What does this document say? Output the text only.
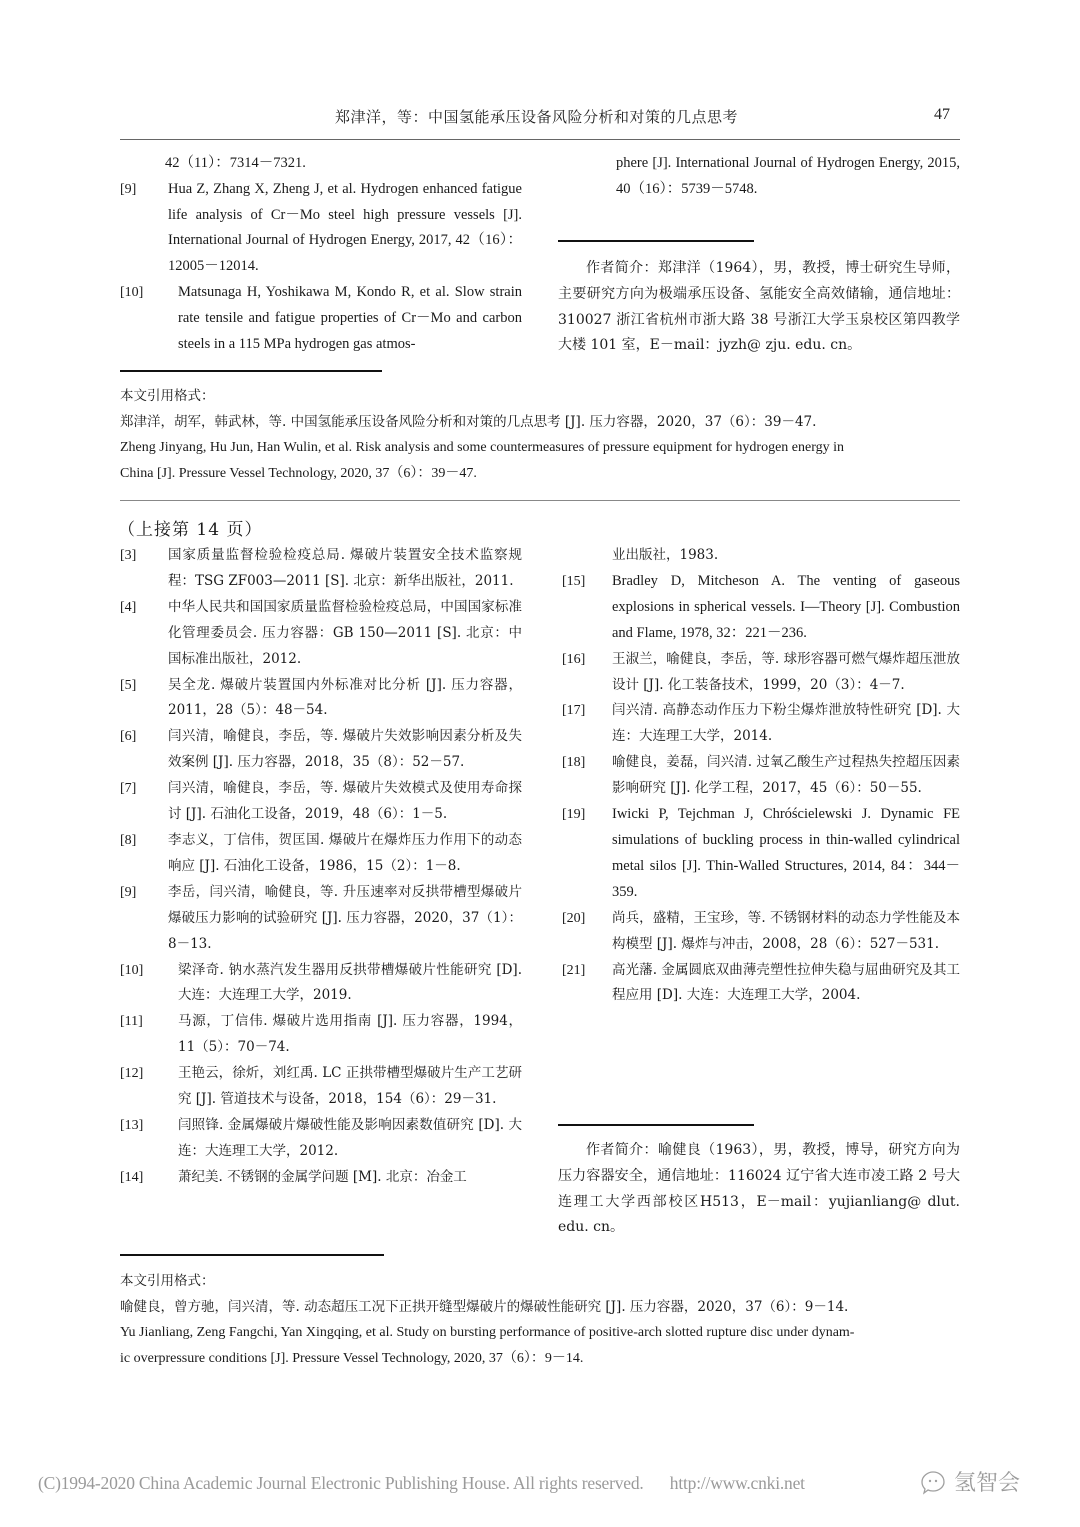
郑津洋，等：中国氢能承压设备风险分析和对策的几点思考	47
42（11）：7314－7321.
[9] Hua Z, Zhang X, Zheng J, et al. Hydrogen enhanced fatigue life analysis of Cr－Mo steel high pressure vessels [J]. International Journal of Hydrogen Energy, 2017, 42（16）：12005－12014.
[10] Matsunaga H, Yoshikawa M, Kondo R, et al. Slow strain rate tensile and fatigue properties of Cr－Mo and carbon steels in a 115 MPa hydrogen gas atmos-
phere [J]. International Journal of Hydrogen Energy, 2015, 40（16）：5739－5748.
作者简介：郑津洋（1964），男，教授，博士研究生导师，主要研究方向为极端承压设备、氢能安全高效储输，通信地址：310027 浙江省杭州市浙大路 38 号浙江大学玉泉校区第四教学大楼 101 室，E－mail：jyzh@ zju. edu. cn。
本文引用格式：
郑津洋，胡军，韩武林，等. 中国氢能承压设备风险分析和对策的几点思考 [J]. 压力容器，2020，37（6）：39－47.
Zheng Jinyang, Hu Jun, Han Wulin, et al. Risk analysis and some countermeasures of pressure equipment for hydrogen energy in
China [J]. Pressure Vessel Technology, 2020, 37（6）：39－47.
（上接第 14 页）
[3] 国家质量监督检验检疫总局. 爆破片装置安全技术监察规程：TSG ZF003—2011 [S]. 北京：新华出版社，2011.
[4] 中华人民共和国国家质量监督检验检疫总局，中国国家标准化管理委员会. 压力容器：GB 150—2011 [S]. 北京：中国标准出版社，2012.
[5] 吴全龙. 爆破片装置国内外标准对比分析 [J]. 压力容器，2011，28（5）：48－54.
[6] 闫兴清，喻健良，李岳，等. 爆破片失效影响因素分析及失效案例 [J]. 压力容器，2018，35（8）：52－57.
[7] 闫兴清，喻健良，李岳，等. 爆破片失效模式及使用寿命探讨 [J]. 石油化工设备，2019，48（6）：1－5.
[8] 李志义，丁信伟，贺匡国. 爆破片在爆炸压力作用下的动态响应 [J]. 石油化工设备，1986，15（2）：1－8.
[9] 李岳，闫兴清，喻健良，等. 升压速率对反拱带槽型爆破片爆破压力影响的试验研究 [J]. 压力容器，2020，37（1）：8－13.
[10]	梁泽奇. 钠水蒸汽发生器用反拱带槽爆破片性能研究 [D]. 大连：大连理工大学，2019.
[11]	马源，丁信伟. 爆破片选用指南 [J]. 压力容器，1994，11（5）：70－74.
[12]	王艳云，徐炘，刘红禹. LC 正拱带槽型爆破片生产工艺研究 [J]. 管道技术与设备，2018，154（6）：29－31.
[13]	闫照锋. 金属爆破片爆破性能及影响因素数值研究 [D]. 大连：大连理工大学，2012.
[14]	萧纪美. 不锈钢的金属学问题 [M]. 北京：冶金工
业出版社，1983.
[15] Bradley D, Mitcheson A. The venting of gaseous explosions in spherical vessels. I—Theory [J]. Combustion and Flame, 1978, 32：221－236.
[16] 王淑兰，喻健良，李岳，等. 球形容器可燃气爆炸超压泄放设计 [J]. 化工装备技术，1999，20（3）：4－7.
[17] 闫兴清. 高静态动作压力下粉尘爆炸泄放特性研究 [D]. 大连：大连理工大学，2014.
[18] 喻健良，姜磊，闫兴清. 过氧乙酸生产过程热失控超压因素影响研究 [J]. 化学工程，2017，45（6）：50－55.
[19] Iwicki P, Tejchman J, Chróścielewski J. Dynamic FE simulations of buckling process in thin-walled cylindrical metal silos [J]. Thin-Walled Structures, 2014, 84：344－359.
[20] 尚兵，盛精，王宝珍，等. 不锈钢材料的动态力学性能及本构模型 [J]. 爆炸与冲击，2008，28（6）：527－531.
[21] 高光藩. 金属圆底双曲薄壳塑性拉伸失稳与屈曲研究及其工程应用 [D]. 大连：大连理工大学，2004.
作者简介：喻健良（1963），男，教授，博导，研究方向为压力容器安全，通信地址：116024 辽宁省大连市凌工路 2 号大连理工大学西部校区H513，E－mail：yujianliang@ dlut. edu. cn。
本文引用格式：
喻健良，曾方驰，闫兴清，等. 动态超压工况下正拱开缝型爆破片的爆破性能研究 [J]. 压力容器，2020，37（6）：9－14.
Yu Jianliang, Zeng Fangchi, Yan Xingqing, et al. Study on bursting performance of positive-arch slotted rupture disc under dynam-
ic overpressure conditions [J]. Pressure Vessel Technology, 2020, 37（6）：9－14.
(C)1994-2020 China Academic Journal Electronic Publishing House. All rights reserved. http://www.cnki.net	氢智会
